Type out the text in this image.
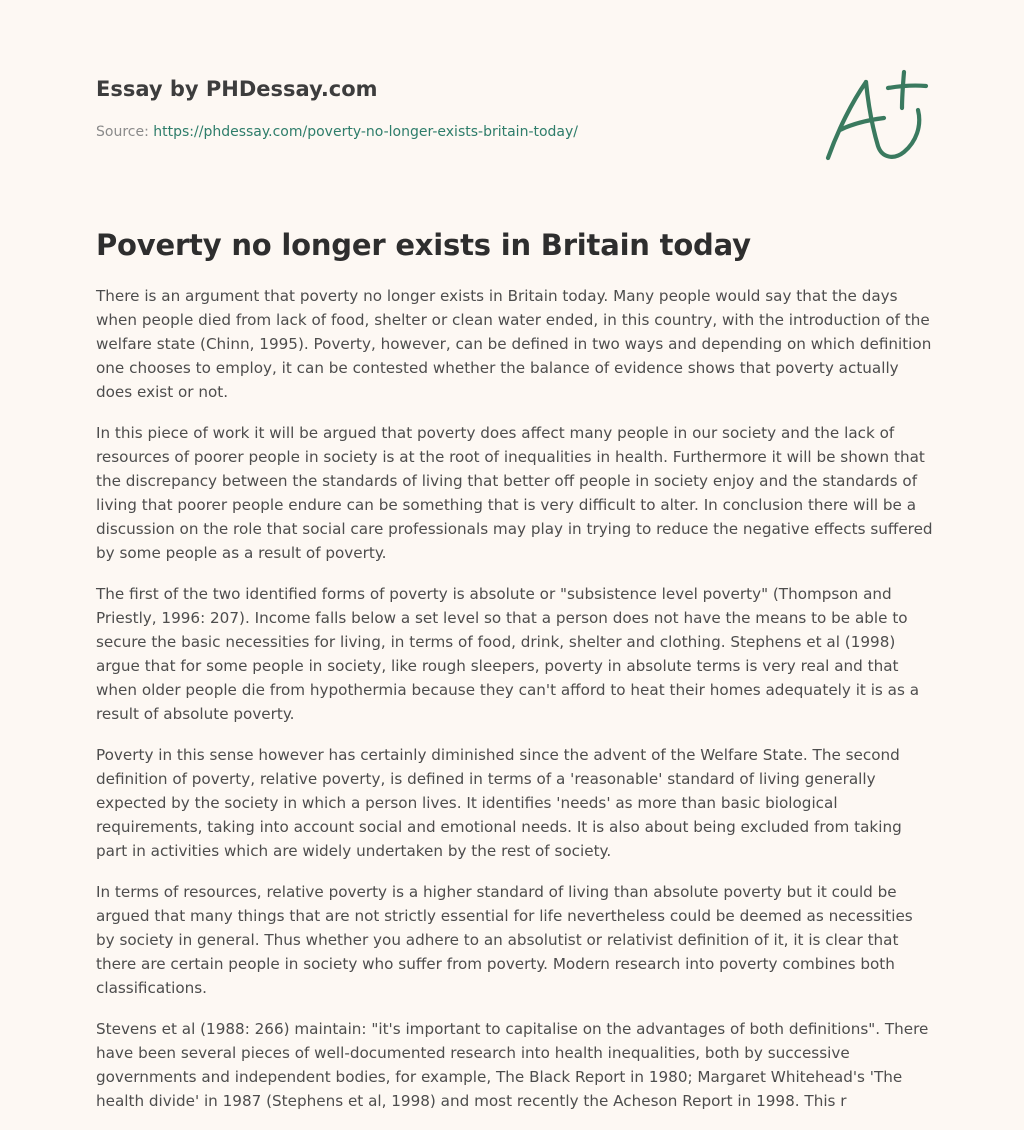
Essay by PHDessay.com
Source: https://phdessay.com/poverty-no-longer-exists-britain-today/
Poverty no longer exists in Britain today

There is an argument that poverty no longer exists in Britain today. Many people would say that the days when people died from lack of food, shelter or clean water ended, in this country, with the introduction of the welfare state (Chinn, 1995). Poverty, however, can be defined in two ways and depending on which definition one chooses to employ, it can be contested whether the balance of evidence shows that poverty actually does exist or not.

In this piece of work it will be argued that poverty does affect many people in our society and the lack of resources of poorer people in society is at the root of inequalities in health. Furthermore it will be shown that the discrepancy between the standards of living that better off people in society enjoy and the standards of living that poorer people endure can be something that is very difficult to alter. In conclusion there will be a discussion on the role that social care professionals may play in trying to reduce the negative effects suffered by some people as a result of poverty.

The first of the two identified forms of poverty is absolute or "subsistence level poverty" (Thompson and Priestly, 1996: 207). Income falls below a set level so that a person does not have the means to be able to secure the basic necessities for living, in terms of food, drink, shelter and clothing. Stephens et al (1998) argue that for some people in society, like rough sleepers, poverty in absolute terms is very real and that when older people die from hypothermia because they can't afford to heat their homes adequately it is as a result of absolute poverty.

Poverty in this sense however has certainly diminished since the advent of the Welfare State. The second definition of poverty, relative poverty, is defined in terms of a 'reasonable' standard of living generally expected by the society in which a person lives. It identifies 'needs' as more than basic biological requirements, taking into account social and emotional needs. It is also about being excluded from taking part in activities which are widely undertaken by the rest of society.

In terms of resources, relative poverty is a higher standard of living than absolute poverty but it could be argued that many things that are not strictly essential for life nevertheless could be deemed as necessities by society in general. Thus whether you adhere to an absolutist or relativist definition of it, it is clear that there are certain people in society who suffer from poverty. Modern research into poverty combines both classifications.

Stevens et al (1988: 266) maintain: "it's important to capitalise on the advantages of both definitions". There have been several pieces of well-documented research into health inequalities, both by successive governments and independent bodies, for example, The Black Report in 1980; Margaret Whitehead's 'The health divide' in 1987 (Stephens et al, 1998) and most recently the Acheson Report in 1998. This r
